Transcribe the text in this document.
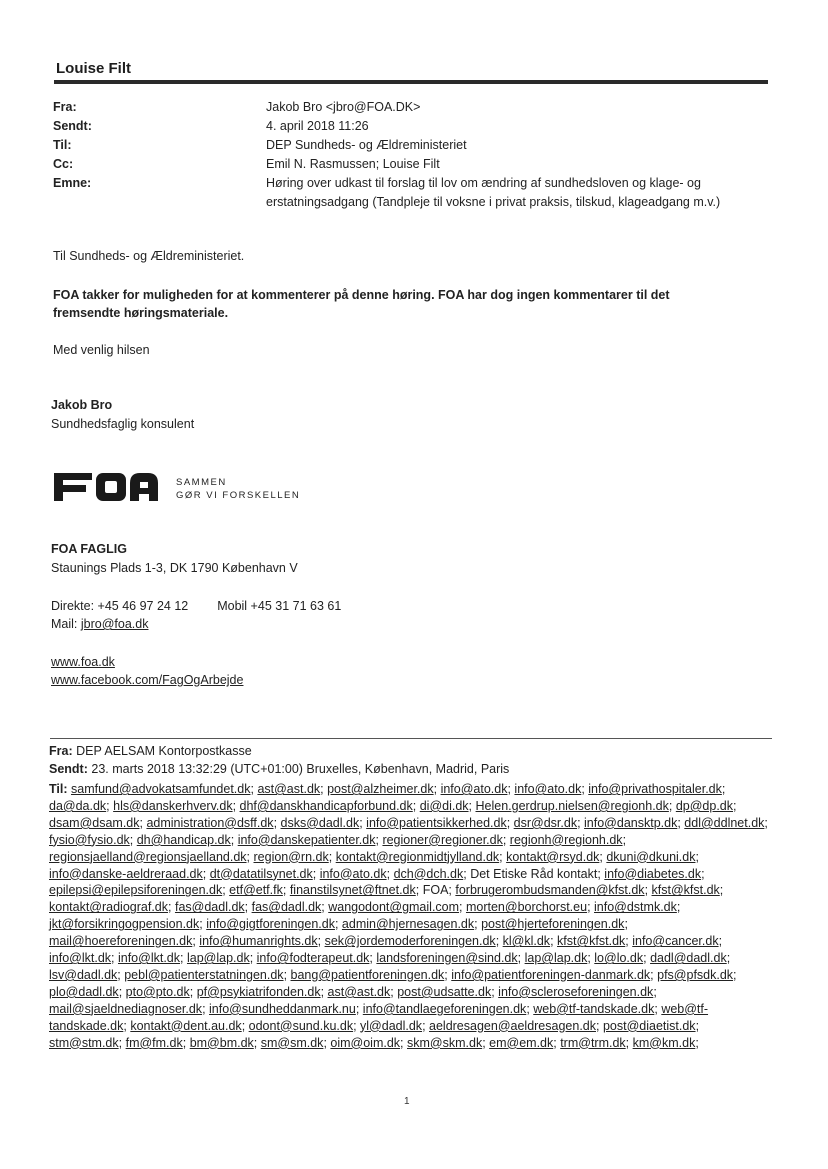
Louise Filt
Fra:	Jakob Bro <jbro@FOA.DK>
Sendt:	4. april 2018 11:26
Til:	DEP Sundheds- og Ældreministeriet
Cc:	Emil N. Rasmussen; Louise Filt
Emne:	Høring over udkast til forslag til lov om ændring af sundhedsloven og klage- og
erstatningsadgang (Tandpleje til voksne i privat praksis, tilskud, klageadgang m.v.)
Til Sundheds- og Ældreministeriet.
FOA takker for muligheden for at kommenterer på denne høring. FOA har dog ingen kommentarer til det
fremsendte høringsmateriale.
Med venlig hilsen
Jakob Bro
Sundhedsfaglig konsulent
SAMMEN
GØR VI FORSKELLEN
FOA FAGLIG
Staunings Plads 1-3, DK 1790 København V
Direkte: +45 46 97 24 12 Mobil +45 31 71 63 61
Mail: jbro@foa.dk
www.foa.dk
www.facebook.com/FagOgArbejde
Fra: DEP AELSAM Kontorpostkasse
Sendt: 23. marts 2018 13:32:29 (UTC+01:00) Bruxelles, København, Madrid, Paris
Til: samfund@advokatsamfundet.dk; ast@ast.dk; post@alzheimer.dk; info@ato.dk; info@ato.dk; info@privathospitaler.dk; da@da.dk; hls@danskerhverv.dk; dhf@danskhandicapforbund.dk; di@di.dk; Helen.gerdrup.nielsen@regionh.dk; dp@dp.dk; dsam@dsam.dk; administration@dsff.dk; dsks@dadl.dk; info@patientsikkerhed.dk; dsr@dsr.dk; info@dansktp.dk; ddl@ddlnet.dk; fysio@fysio.dk; dh@handicap.dk; info@danskepatienter.dk; regioner@regioner.dk; regionh@regionh.dk; regionsjaelland@regionsjaelland.dk; region@rn.dk; kontakt@regionmidtjylland.dk; kontakt@rsyd.dk; dkuni@dkuni.dk; info@danske-aeldreraad.dk; dt@datatilsynet.dk; info@ato.dk; dch@dch.dk; Det Etiske Råd kontakt; info@diabetes.dk; epilepsi@epilepsiforeningen.dk; etf@etf.fk; finanstilsynet@ftnet.dk; FOA; forbrugerombudsmanden@kfst.dk; kfst@kfst.dk; kontakt@radiograf.dk; fas@dadl.dk; fas@dadl.dk; wangodont@gmail.com; morten@borchorst.eu; info@dstmk.dk; jkt@forsikringogpension.dk; info@gigtforeningen.dk; admin@hjernesagen.dk; post@hjerteforeningen.dk; mail@hoereforeningen.dk; info@humanrights.dk; sek@jordemoderforeningen.dk; kl@kl.dk; kfst@kfst.dk; info@cancer.dk; info@lkt.dk; info@lkt.dk; lap@lap.dk; info@fodterapeut.dk; landsforeningen@sind.dk; lap@lap.dk; lo@lo.dk; dadl@dadl.dk; lsv@dadl.dk; pebl@patienterstatningen.dk; bang@patientforeningen.dk; info@patientforeningen-danmark.dk; pfs@pfsdk.dk; plo@dadl.dk; pto@pto.dk; pf@psykiatrifonden.dk; ast@ast.dk; post@udsatte.dk; info@scleroseforeningen.dk; mail@sjaeldnediagnoser.dk; info@sundheddanmark.nu; info@tandlaegeforeningen.dk; web@tf-tandskade.dk; web@tf-tandskade.dk; kontakt@dent.au.dk; odont@sund.ku.dk; yl@dadl.dk; aeldresagen@aeldresagen.dk; post@diaetist.dk; stm@stm.dk; fm@fm.dk; bm@bm.dk; sm@sm.dk; oim@oim.dk; skm@skm.dk; em@em.dk; trm@trm.dk; km@km.dk;
1
